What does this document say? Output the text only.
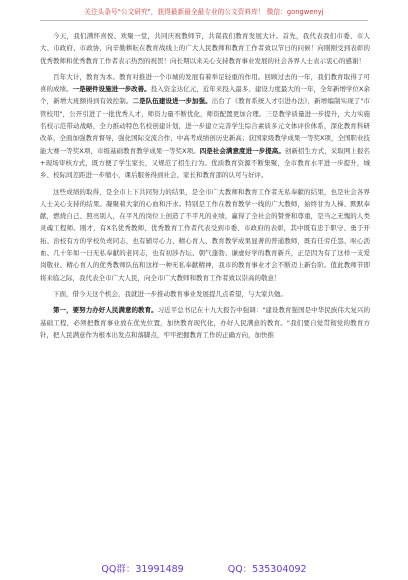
关注头条号"公文研究"，获得最新最全最专业的公文资料库！ 微信：gongwenyj

今天，我们满怀喜悦、欢聚一堂，共同庆祝教师节，共谋我们教育发展大计。首先，我代表我们市委、市人大、市政府、市政协，向辛勤耕耘在教育战线上的广大人民教师和教育工作者致以节日的问候！向刚刚受到表彰的优秀教师和优秀教育工作者表示热烈的祝贺！向长期以来关心支持教育事业发展的社会各界人士表示衷心的感谢！

百年大计，教育为本。教育对推进一个市城的发展有着举足轻重的作用。回顾过去的一年，我们教育取得了可喜的成绩。一是硬件设施进一步改善。投入资金达亿元，近年来投入最多、建设力度最大的一年，全年新增学位X余个，新增大班额得到有效控制。二是队伍建设进一步加强。出台了《教育系统人才引进办法》，新增编制实现了"市管校用"，公开引进了一批优秀人才，师资力量不断优化，师资配置更加合理。三是教学质量进一步提升，大力实施名校示范带动战略，全力推动特色名校创建计划，进一步建立完善学生综合素质多元文体评价体系，深化教育科研改革，全面加强教育督导，强化国际交流合作，中高考成绩创历史新高；获国家级教学成果一等奖X项，全国职业技能大赛一等奖X项，市级基础教育教学成果一等奖X项。四是社会满意度进一步提高。创新招生方式，采取网上报名+现场审核方式，既方便了学生家长，又规范了招生行为。优质教育资源不断集聚，全市教育水平进一步提升，城乡、校际间差距进一步缩小，课后服务得到社会、家长和教育部的认可与好评。

这些成绩的取得，是全市上下共同努力的结果，是全市广大教师和教育工作者无私奉献的结果，也是社会各界人士关心支持的结果。凝聚着大家的心血和汗水。特别是工作在教育教学一线的广大教师，始终甘为人梯、默默奉献，燃烧自己、照亮别人，在平凡的岗位上创造了不平凡的业绩，赢得了全社会的赞誉和尊重，是当之无愧的人类灵魂工程师。刚才，有X名优秀教师、优秀教育工作者代表受到市委、市政府的表彰，其中既有忠于职守、勇于开拓、治校有方的学校负责同志，也有辅尽心力、精心育人、教育教学成果显著的普通教师，既有任劳任怨、呕心沥血、几十年如一日无私奉献的老同志，也有初涉杏坛、朝气蓬勃、谦虚好学的教育新兵，正是因为有了这样一支爱岗敬业、精心育人的优秀教师队伍和这样一种无私奉献精神，我市的教育事业才会不断迈上新台阶。值此教师节即将来临之际，我代表全市广大人民，向全市广大教师和教育工作者致以崇高的敬意！

下面，借今天这个机会，我就进一步推动教育事业发展提几点希望，与大家共勉。

第一，要努力办好人民满意的教育。习近平总书记在十九大报告中强调："建设教育强国是中华民族伟大复兴的基础工程，必须把教育事业放在优先位置，加快教育现代化，办好人民满意的教育。"我们要自觉贯彻党的教育方针，把人民满意作为根本出发点和落脚点，牢牢把握教育工作的正确方向，加快推

QQ群：31991489	QQ：535304092
